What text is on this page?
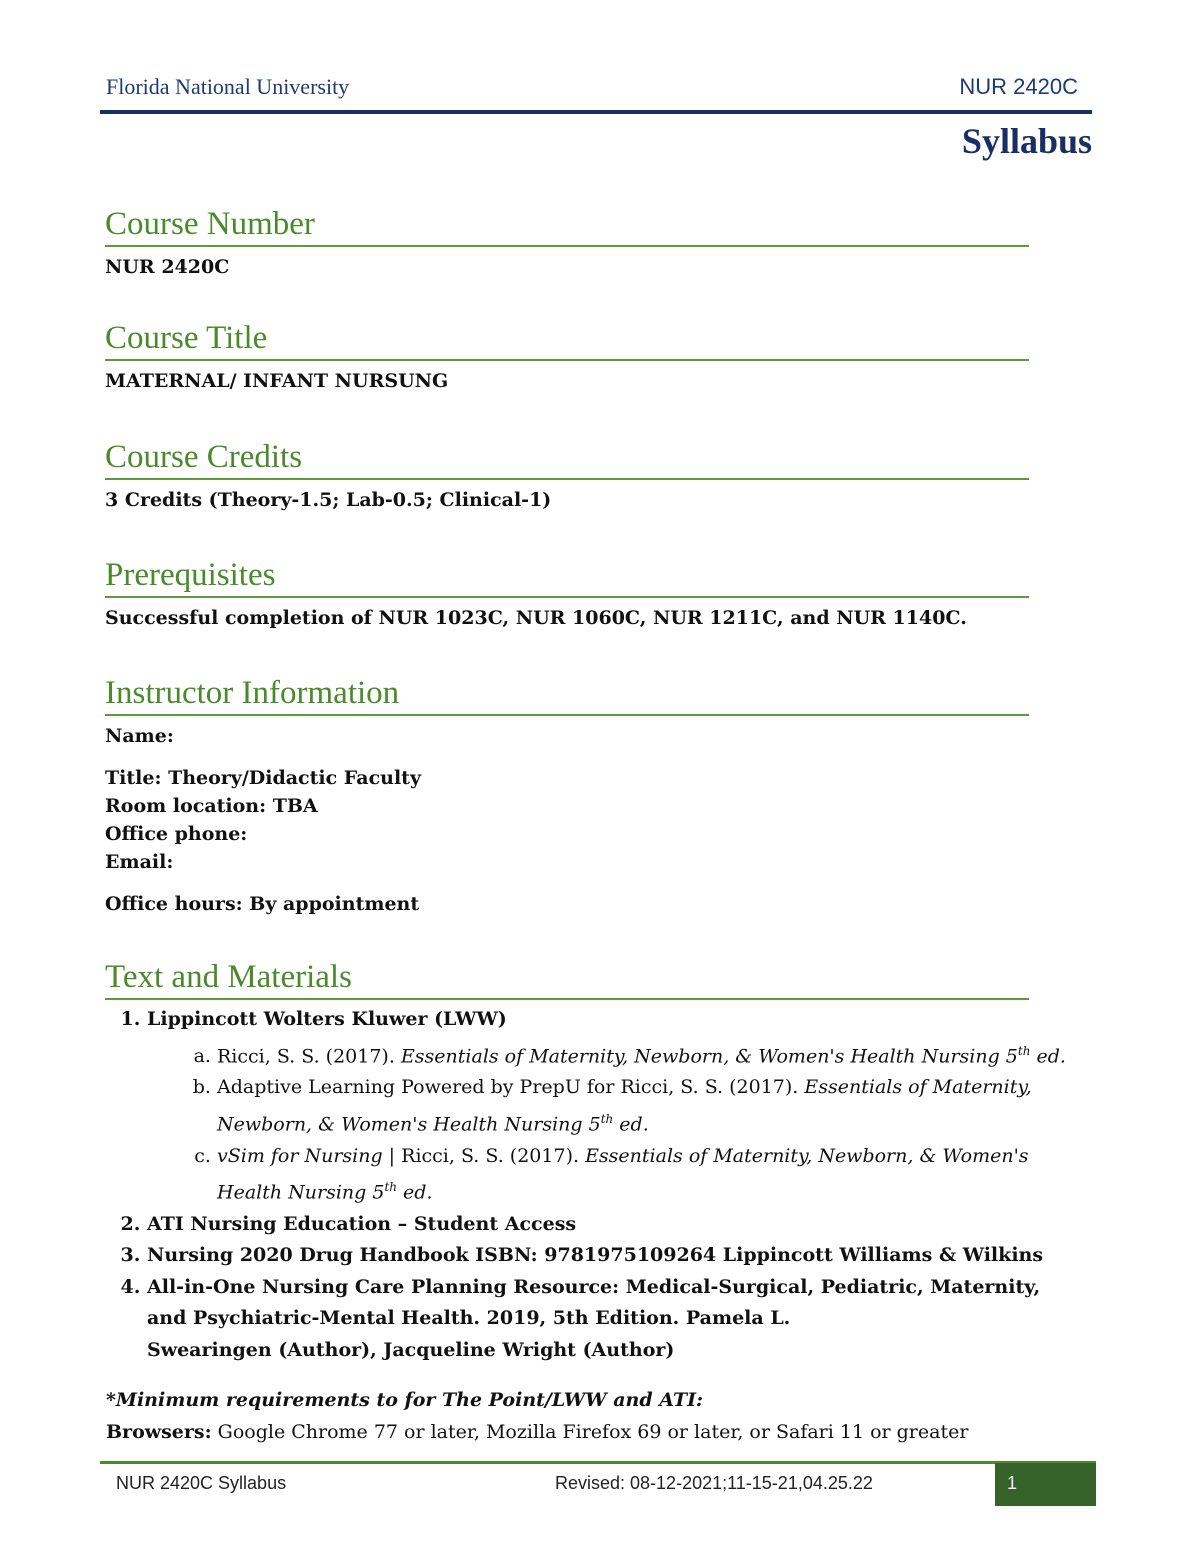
Florida National University	NUR 2420C
Syllabus
Course Number
NUR 2420C
Course Title
MATERNAL/ INFANT NURSUNG
Course Credits
3 Credits (Theory-1.5; Lab-0.5; Clinical-1)
Prerequisites
Successful completion of NUR 1023C, NUR 1060C, NUR 1211C, and NUR 1140C.
Instructor Information
Name:
Title: Theory/Didactic Faculty
Room location: TBA
Office phone:
Email:
Office hours: By appointment
Text and Materials
1. Lippincott Wolters Kluwer (LWW)
a. Ricci, S. S. (2017). Essentials of Maternity, Newborn, & Women's Health Nursing 5th ed.
b. Adaptive Learning Powered by PrepU for Ricci, S. S. (2017). Essentials of Maternity, Newborn, & Women's Health Nursing 5th ed.
c. vSim for Nursing | Ricci, S. S. (2017). Essentials of Maternity, Newborn, & Women's Health Nursing 5th ed.
2. ATI Nursing Education – Student Access
3. Nursing 2020 Drug Handbook ISBN: 9781975109264 Lippincott Williams & Wilkins
4. All-in-One Nursing Care Planning Resource: Medical-Surgical, Pediatric, Maternity, and Psychiatric-Mental Health. 2019, 5th Edition. Pamela L.
Swearingen (Author), Jacqueline Wright (Author)
*Minimum requirements to for The Point/LWW and ATI:
Browsers: Google Chrome 77 or later, Mozilla Firefox 69 or later, or Safari 11 or greater
NUR 2420C Syllabus	Revised: 08-12-2021;11-15-21,04.25.22	1
